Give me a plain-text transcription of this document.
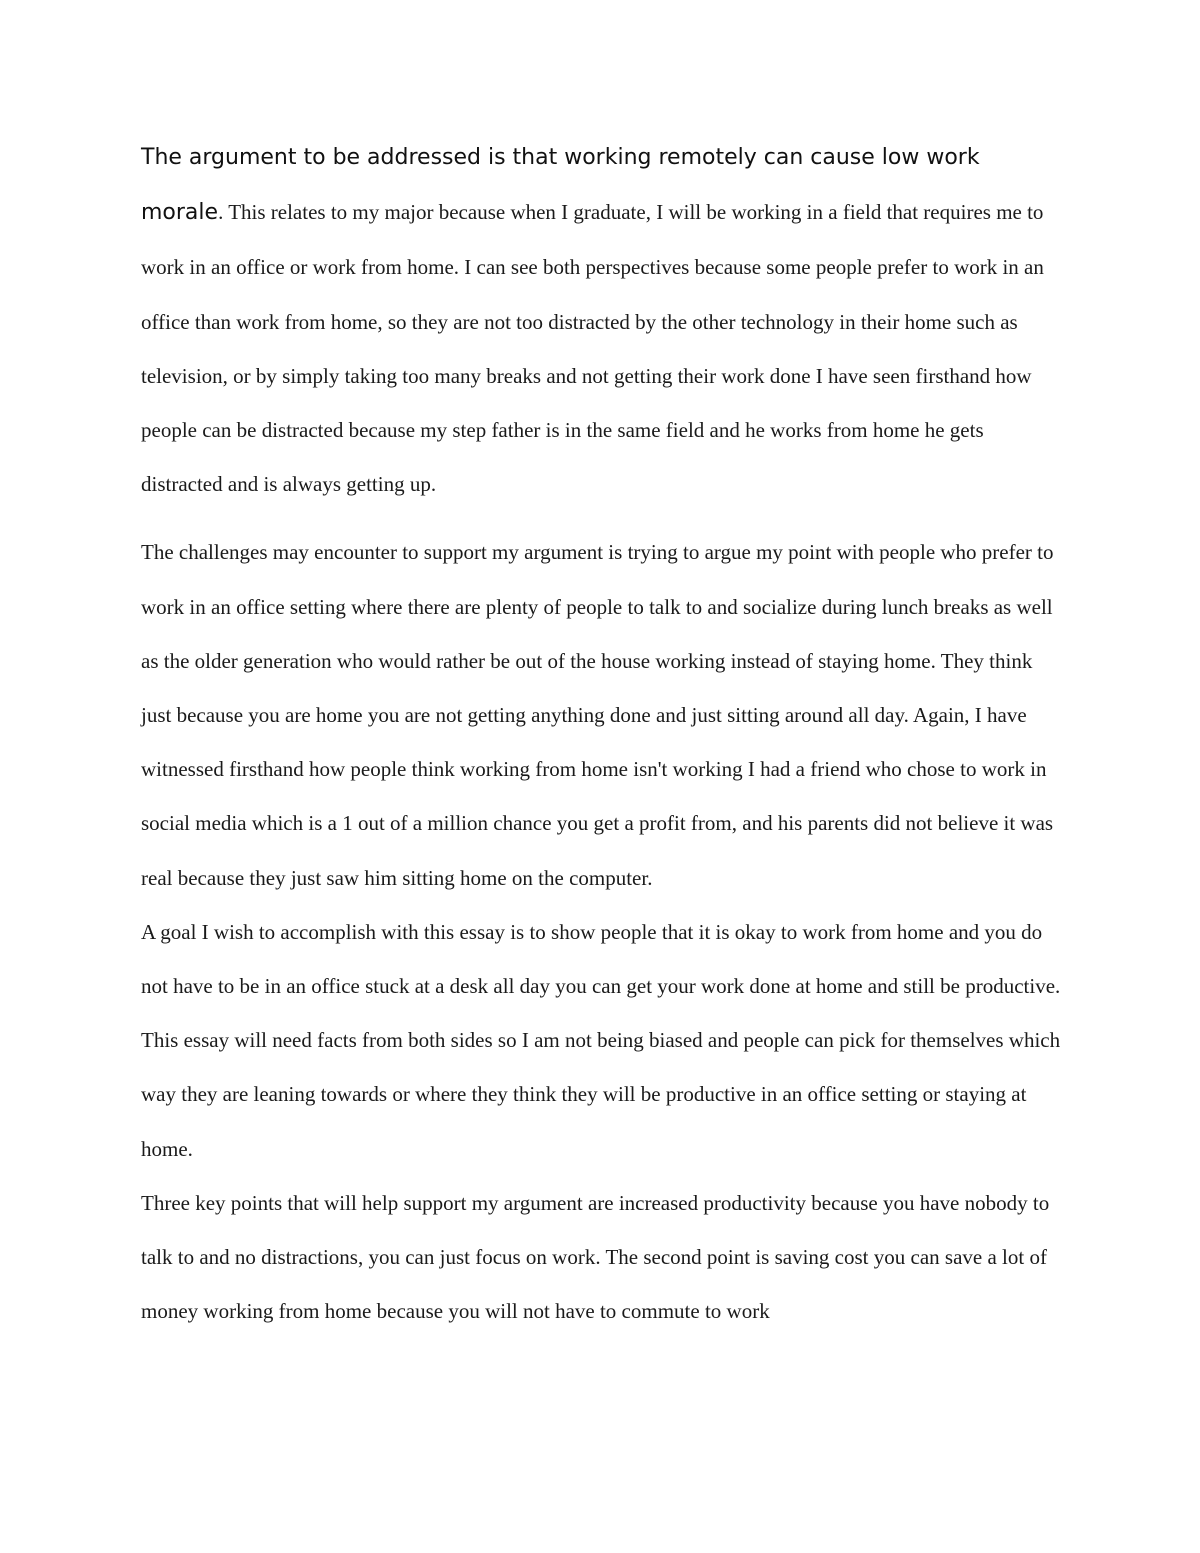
The argument to be addressed is that working remotely can cause low work morale. This relates to my major because when I graduate, I will be working in a field that requires me to work in an office or work from home. I can see both perspectives because some people prefer to work in an office than work from home, so they are not too distracted by the other technology in their home such as television, or by simply taking too many breaks and not getting their work done I have seen firsthand how people can be distracted because my step father is in the same field and he works from home he gets distracted and is always getting up.

The challenges may encounter to support my argument is trying to argue my point with people who prefer to work in an office setting where there are plenty of people to talk to and socialize during lunch breaks as well as the older generation who would rather be out of the house working instead of staying home. They think just because you are home you are not getting anything done and just sitting around all day. Again, I have witnessed firsthand how people think working from home isn't working I had a friend who chose to work in social media which is a 1 out of a million chance you get a profit from, and his parents did not believe it was real because they just saw him sitting home on the computer.

A goal I wish to accomplish with this essay is to show people that it is okay to work from home and you do not have to be in an office stuck at a desk all day you can get your work done at home and still be productive. This essay will need facts from both sides so I am not being biased and people can pick for themselves which way they are leaning towards or where they think they will be productive in an office setting or staying at home.

Three key points that will help support my argument are increased productivity because you have nobody to talk to and no distractions, you can just focus on work. The second point is saving cost you can save a lot of money working from home because you will not have to commute to work
